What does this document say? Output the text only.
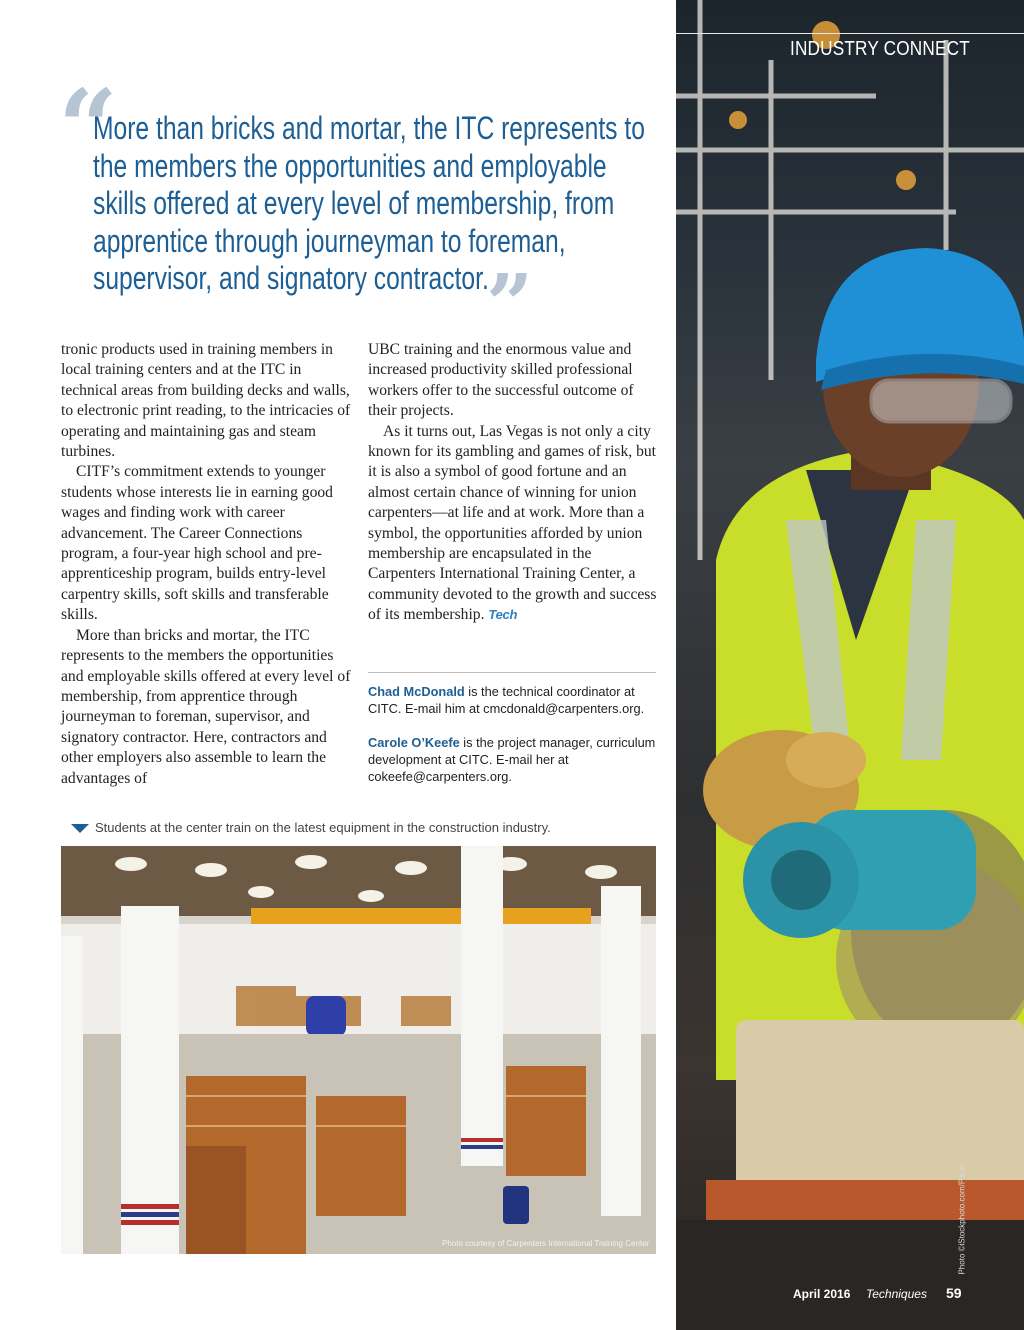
INDUSTRY CONNECT
Photo ©iStockphoto.com/Pauri
“
More than bricks and mortar, the ITC represents to
the members the opportunities and employable
skills offered at every level of membership, from
apprentice through journeyman to foreman,
supervisor, and signatory contractor.
”

tronic products used in training members in local training centers and at the ITC in technical areas from building decks and walls, to electronic print reading, to the intricacies of operating and maintaining gas and steam turbines.

CITF’s commitment extends to younger students whose interests lie in earning good wages and finding work with career advancement. The Career Connections program, a four-year high school and pre-apprenticeship program, builds entry-level carpentry skills, soft skills and transferable skills.

More than bricks and mortar, the ITC represents to the members the opportunities and employable skills offered at every level of membership, from apprentice through journeyman to foreman, supervisor, and signatory contractor. Here, contractors and other employers also assemble to learn the advantages of

UBC training and the enormous value and increased productivity skilled professional workers offer to the successful outcome of their projects.

As it turns out, Las Vegas is not only a city known for its gambling and games of risk, but it is also a symbol of good fortune and an almost certain chance of winning for union carpenters—at life and at work. More than a symbol, the opportunities afforded by union membership are encapsulated in the Carpenters International Training Center, a community devoted to the growth and success of its membership. Tech

Chad McDonald is the technical coordinator at CITC. E-mail him at cmcdonald@carpenters.org.
Carole O’Keefe is the project manager, curriculum development at CITC. E-mail her at cokeefe@carpenters.org.
Students at the center train on the latest equipment in the construction industry.
Photo courtesy of Carpenters International Training Center
April 2016 Techniques 59
